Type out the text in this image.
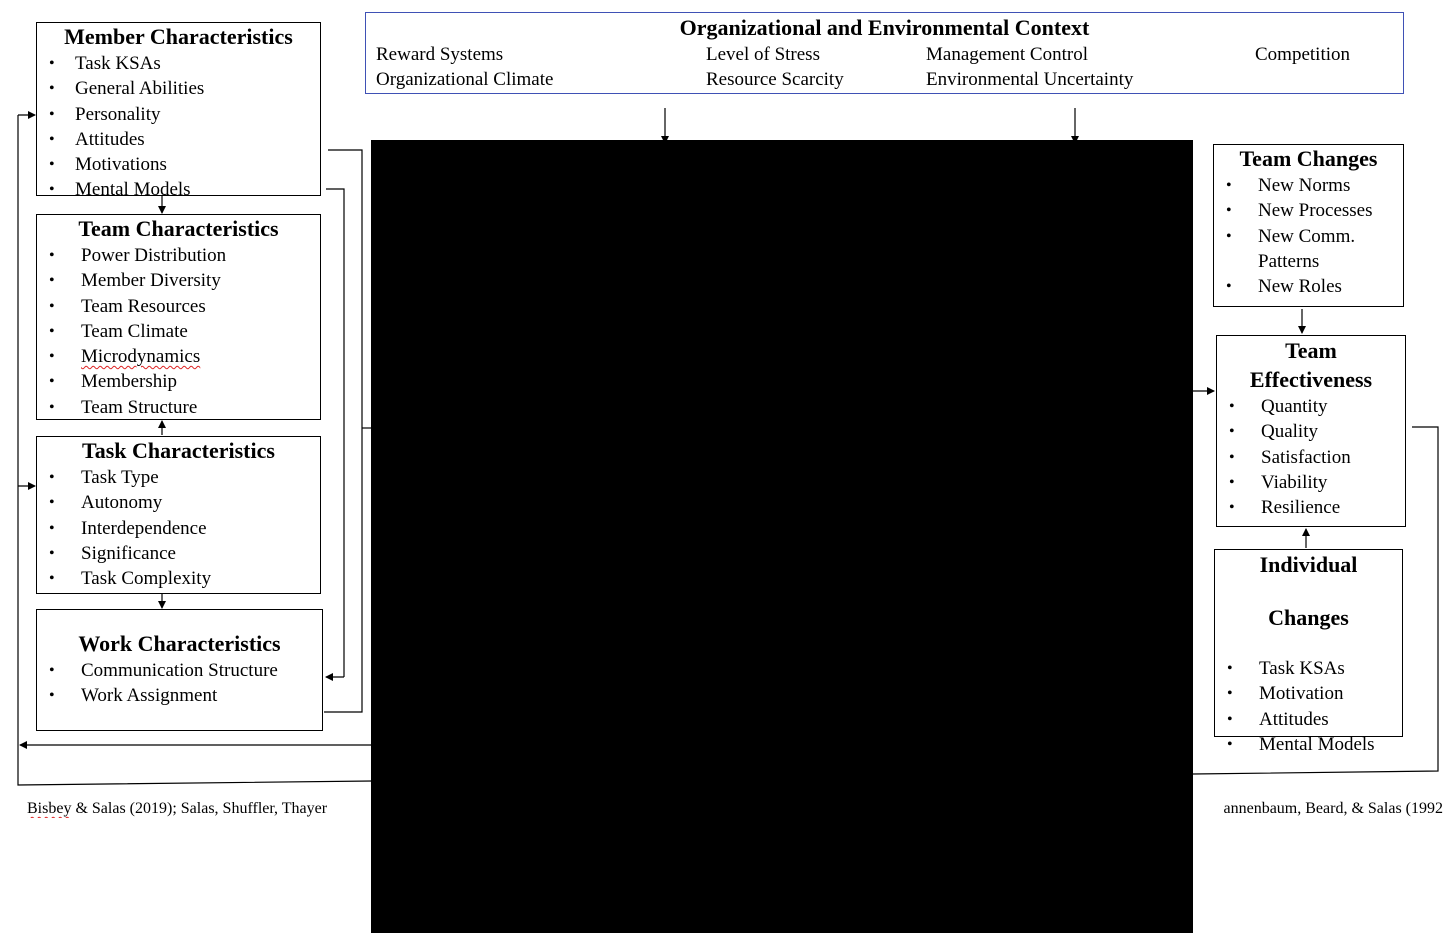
Organizational and Environmental Context
Reward Systems	Level of Stress	Management Control	Competition
Organizational Climate	Resource Scarcity	Environmental Uncertainty
Member Characteristics
• Task KSAs
• General Abilities
• Personality
• Attitudes
• Motivations
• Mental Models
Team Characteristics
• Power Distribution
• Member Diversity
• Team Resources
• Team Climate
• Microdynamics
• Membership
• Team Structure
Task Characteristics
• Task Type
• Autonomy
• Interdependence
• Significance
• Task Complexity
Work Characteristics
• Communication Structure
• Work Assignment
Team Changes
• New Norms
• New Processes
• New Comm.
Patterns
• New Roles
Team
Effectiveness
• Quantity
• Quality
• Satisfaction
• Viability
• Resilience
Individual
Changes
• Task KSAs
• Motivation
• Attitudes
• Mental Models
Bisbey & Salas (2019); Salas, Shuffler, Thayer	annenbaum, Beard, & Salas (1992
